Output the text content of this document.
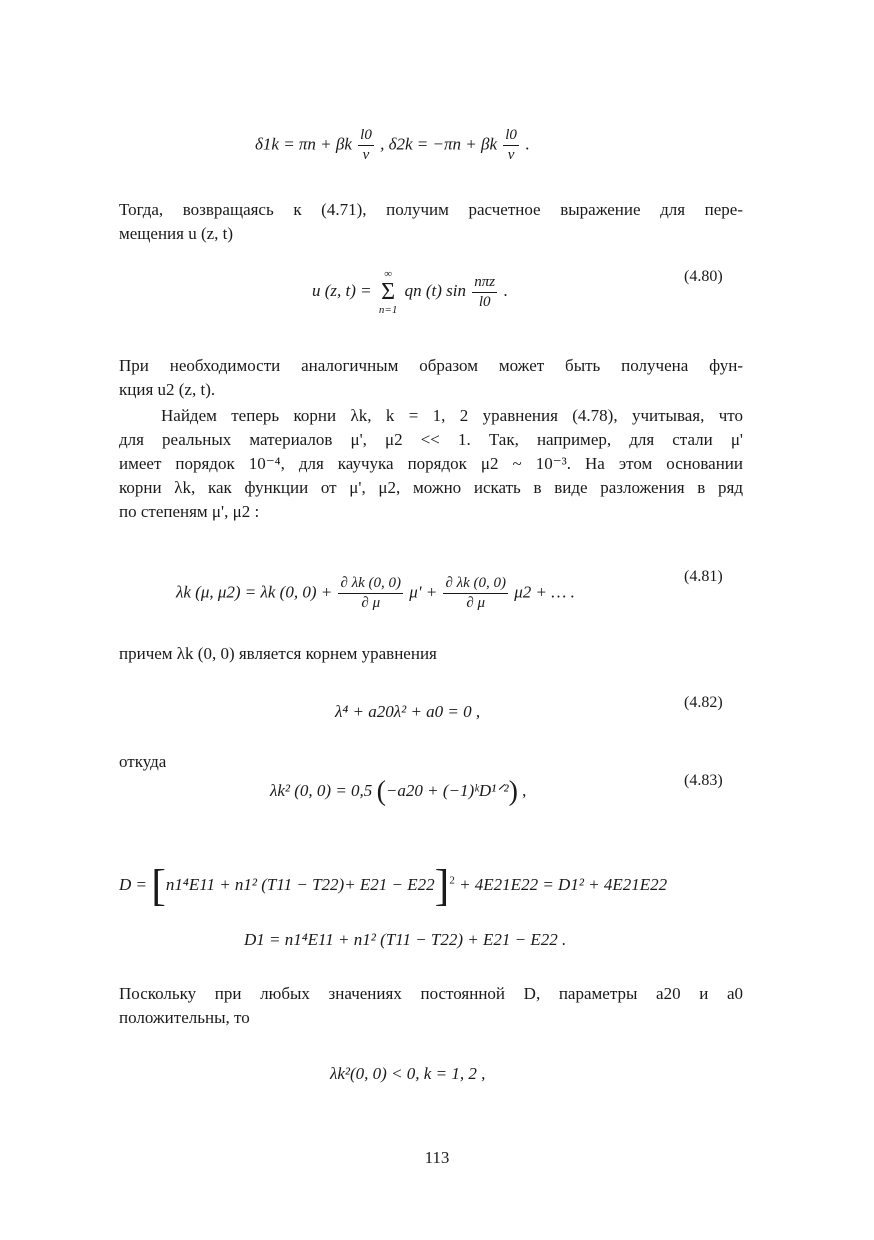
δ1k = πn + βk $\frac{l0}{v}$ , δ2k = −πn + βk $\frac{l0}{v}$ .
Тогда, возвращаясь к (4.71), получим расчетное выражение для пере-
мещения u (z, t)
u (z, t) =
∞
Σ
n=1
qn (t) $\sin \frac{\text{nπz}}{l0}$ .
(4.80)
При необходимости аналогичным образом может быть получена фун-
кция u2 (z, t).
Найдем теперь корни λk, k = 1, 2 уравнения (4.78), учитывая, что
для реальных материалов μ', μ2 << 1. Так, например, для стали μ'
имеет порядок 10⁻⁴, для каучука порядок μ2 ~ 10⁻³. На этом основании
корни λk, как функции от μ', μ2, можно искать в виде разложения в ряд
по степеням μ', μ2 :
λk (μ, μ2) = λk (0, $0) + \frac{\partial \lambda k (0, 0)}{\partial \mu} \mu' + \frac{\partial \lambda k (0, 0)}{\partial \mu} \mu 2$ + … .
(4.81)
причем λk (0, 0) является корнем уравнения
λ⁴ + a20λ² + a0 = 0 ,	(4.82)
откуда
λk² (0, 0) = 0,5 (−a20 + (−1)ᵏD¹ᐟ²) ,
(4.83)
D = [n1⁴E11 + n1² (T11 − T22)+ E21 − E22]$^2$ + 4E21E22 = D1² + 4E21E22
D1 = n1⁴E11 + n1² (T11 − T22) + E21 − E22 .
Поскольку при любых значениях постоянной D, параметры a20 и a0
положительны, то
λk²(0, 0) < 0, k = 1, 2 ,
113
